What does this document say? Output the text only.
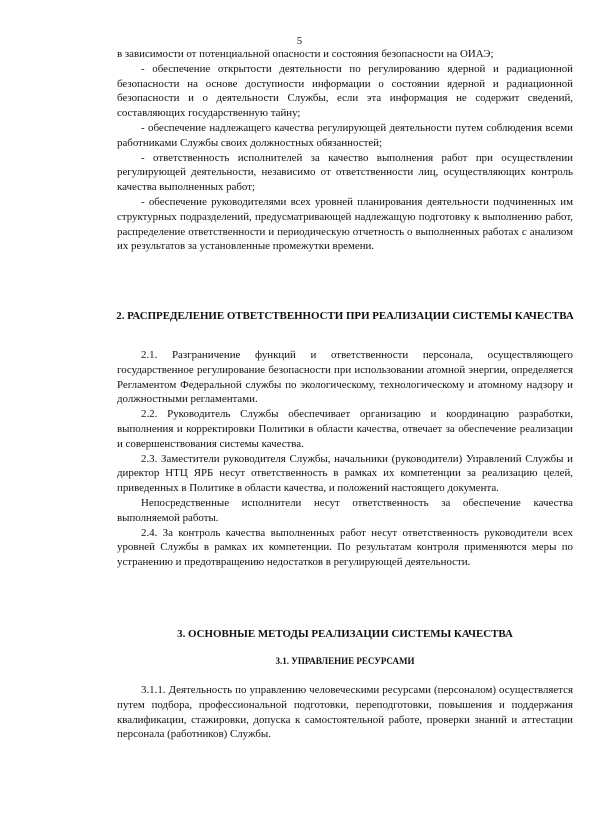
5

в зависимости от потенциальной опасности и состояния безопасности на ОИАЭ;

- обеспечение открытости деятельности по регулированию ядерной и радиационной безопасности на основе доступности информации о состоянии ядерной и радиационной безопасности и о деятельности Службы, если эта информация не содержит сведений, составляющих государственную тайну;

- обеспечение надлежащего качества регулирующей деятельности путем соблюдения всеми работниками Службы своих должностных обязанностей;

- ответственность исполнителей за качество выполнения работ при осуществлении регулирующей деятельности, независимо от ответственности лиц, осуществляющих контроль качества выполненных работ;

- обеспечение руководителями всех уровней планирования деятельности подчиненных им структурных подразделений, предусматривающей надлежащую подготовку к выполнению работ, распределение ответственности и периодическую отчетность о выполненных работах с анализом их результатов за установленные промежутки времени.

2. РАСПРЕДЕЛЕНИЕ ОТВЕТСТВЕННОСТИ ПРИ РЕАЛИЗАЦИИ СИСТЕМЫ КАЧЕСТВА

2.1. Разграничение функций и ответственности персонала, осуществляющего государственное регулирование безопасности при использовании атомной энергии, определяется Регламентом Федеральной службы по экологическому, технологическому и атомному надзору и должностными регламентами.

2.2. Руководитель Службы обеспечивает организацию и координацию разработки, выполнения и корректировки Политики в области качества, отвечает за обеспечение реализации и совершенствования системы качества.

2.3. Заместители руководителя Службы, начальники (руководители) Управлений Службы и директор НТЦ ЯРБ несут ответственность в рамках их компетенции за реализацию целей, приведенных в Политике в области качества, и положений настоящего документа.

Непосредственные исполнители несут ответственность за обеспечение качества выполняемой работы.

2.4. За контроль качества выполненных работ несут ответственность руководители всех уровней Службы в рамках их компетенции. По результатам контроля применяются меры по устранению и предотвращению недостатков в регулирующей деятельности.

3. ОСНОВНЫЕ МЕТОДЫ РЕАЛИЗАЦИИ СИСТЕМЫ КАЧЕСТВА
3.1. УПРАВЛЕНИЕ РЕСУРСАМИ

3.1.1. Деятельность по управлению человеческими ресурсами (персоналом) осуществляется путем подбора, профессиональной подготовки, переподготовки, повышения и поддержания квалификации, стажировки, допуска к самостоятельной работе, проверки знаний и аттестации персонала (работников) Службы.
